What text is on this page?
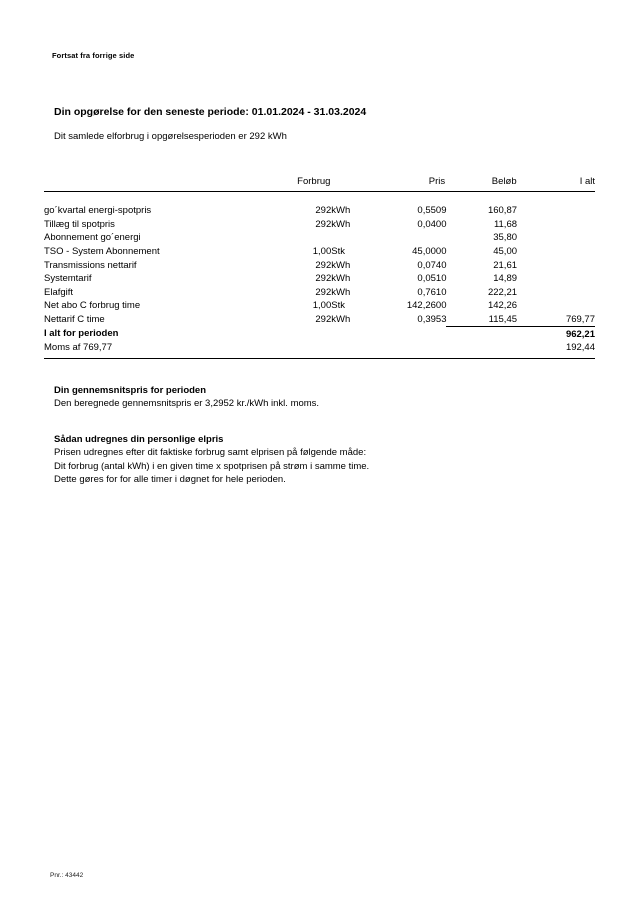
Fortsat fra forrige side
Din opgørelse for den seneste periode: 01.01.2024 - 31.03.2024
Dit samlede elforbrug i opgørelsesperioden er 292 kWh
	Forbrug		Pris	Beløb	I alt
go´kvartal energi-spotpris	292	kWh	0,5509	160,87	
Tillæg til spotpris	292	kWh	0,0400	11,68	
Abonnement go´energi				35,80	
TSO - System Abonnement	1,00	Stk	45,0000	45,00	
Transmissions nettarif	292	kWh	0,0740	21,61	
Systemtarif	292	kWh	0,0510	14,89	
Elafgift	292	kWh	0,7610	222,21	
Net abo C forbrug time	1,00	Stk	142,2600	142,26	
Nettarif C time	292	kWh	0,3953	115,45	769,77
I alt for perioden					962,21
Moms af 769,77					192,44
Din gennemsnitspris for perioden
Den beregnede gennemsnitspris er 3,2952 kr./kWh inkl. moms.
Sådan udregnes din personlige elpris
Prisen udregnes efter dit faktiske forbrug samt elprisen på følgende måde:
Dit forbrug (antal kWh) i en given time x spotprisen på strøm i samme time.
Dette gøres for for alle timer i døgnet for hele perioden.
Pnr.: 43442
